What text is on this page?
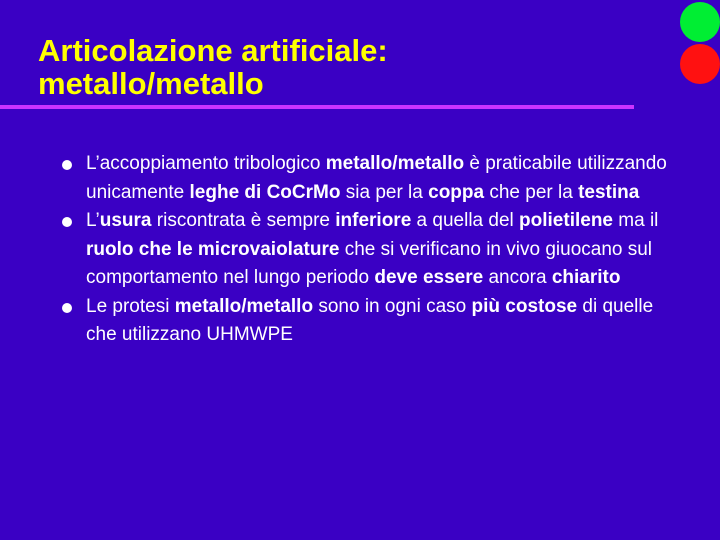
Articolazione artificiale:
metallo/metallo
L’accoppiamento tribologico metallo/metallo è praticabile utilizzando unicamente leghe di CoCrMo sia per la coppa che per la testina
L’usura riscontrata è sempre inferiore a quella del polietilene ma il ruolo che le microvaiolature che si verificano in vivo giuocano sul comportamento nel lungo periodo deve essere ancora chiarito
Le protesi metallo/metallo sono in ogni caso più costose di quelle che utilizzano UHMWPE
